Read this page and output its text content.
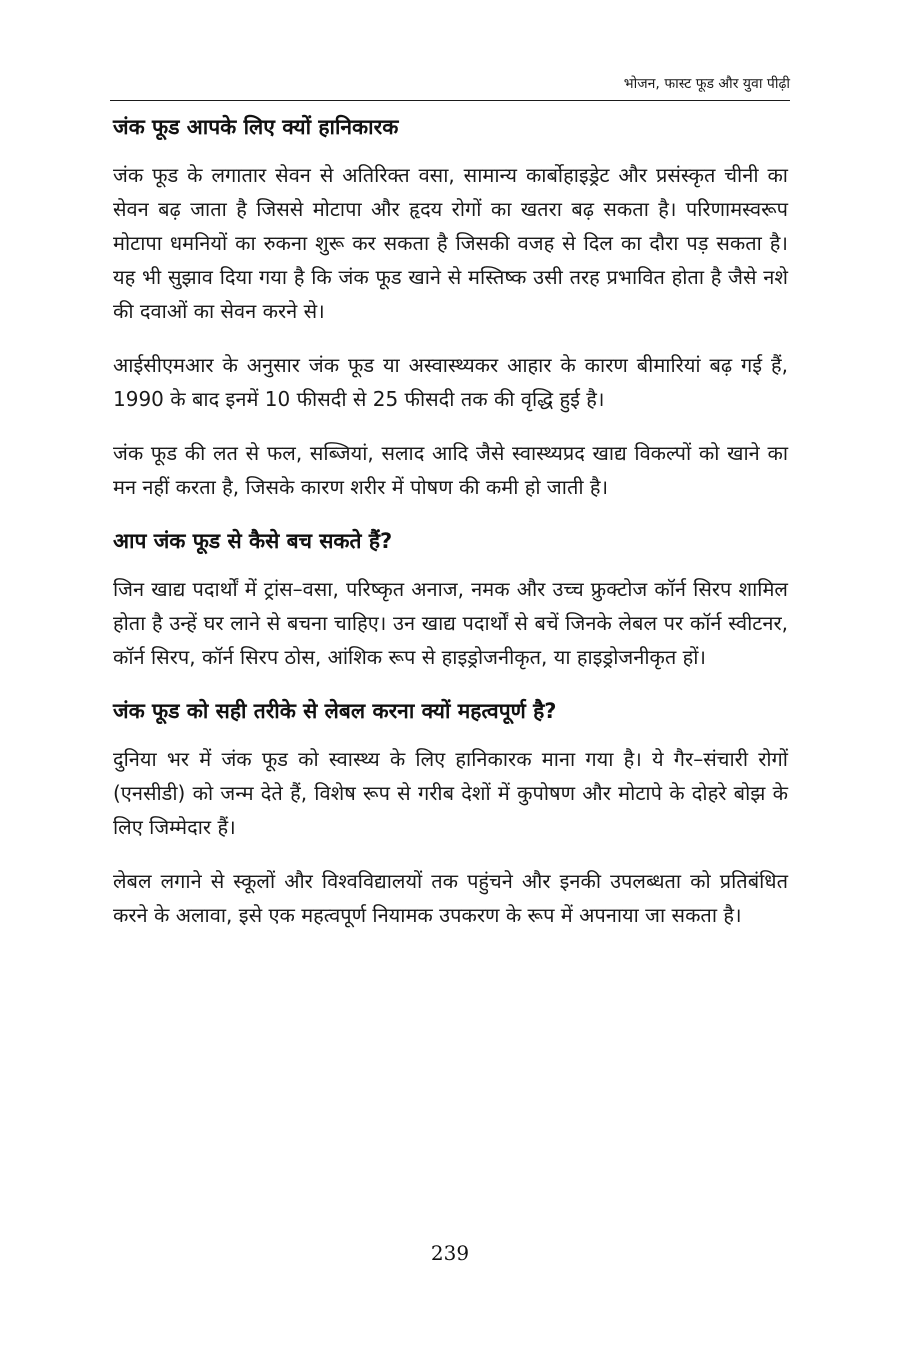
भोजन, फास्ट फूड और युवा पीढ़ी
जंक फूड आपके लिए क्यों हानिकारक

जंक फूड के लगातार सेवन से अतिरिक्त वसा, सामान्य कार्बोहाइड्रेट और प्रसंस्कृत चीनी का सेवन बढ़ जाता है जिससे मोटापा और हृदय रोगों का खतरा बढ़ सकता है। परिणामस्वरूप मोटापा धमनियों का रुकना शुरू कर सकता है जिसकी वजह से दिल का दौरा पड़ सकता है। यह भी सुझाव दिया गया है कि जंक फूड खाने से मस्तिष्क उसी तरह प्रभावित होता है जैसे नशे की दवाओं का सेवन करने से।

आईसीएमआर के अनुसार जंक फूड या अस्वास्थ्यकर आहार के कारण बीमारियां बढ़ गई हैं, 1990 के बाद इनमें 10 फीसदी से 25 फीसदी तक की वृद्धि हुई है।

जंक फूड की लत से फल, सब्जियां, सलाद आदि जैसे स्वास्थ्यप्रद खाद्य विकल्पों को खाने का मन नहीं करता है, जिसके कारण शरीर में पोषण की कमी हो जाती है।

आप जंक फूड से कैसे बच सकते हैं?

जिन खाद्य पदार्थों में ट्रांस–वसा, परिष्कृत अनाज, नमक और उच्च फ्रुक्टोज कॉर्न सिरप शामिल होता है उन्हें घर लाने से बचना चाहिए। उन खाद्य पदार्थों से बचें जिनके लेबल पर कॉर्न स्वीटनर, कॉर्न सिरप, कॉर्न सिरप ठोस, आंशिक रूप से हाइड्रोजनीकृत, या हाइड्रोजनीकृत हों।

जंक फूड को सही तरीके से लेबल करना क्यों महत्वपूर्ण है?

दुनिया भर में जंक फूड को स्वास्थ्य के लिए हानिकारक माना गया है। ये गैर–संचारी रोगों (एनसीडी) को जन्म देते हैं, विशेष रूप से गरीब देशों में कुपोषण और मोटापे के दोहरे बोझ के लिए जिम्मेदार हैं।

लेबल लगाने से स्कूलों और विश्वविद्यालयों तक पहुंचने और इनकी उपलब्धता को प्रतिबंधित करने के अलावा, इसे एक महत्वपूर्ण नियामक उपकरण के रूप में अपनाया जा सकता है।

239
